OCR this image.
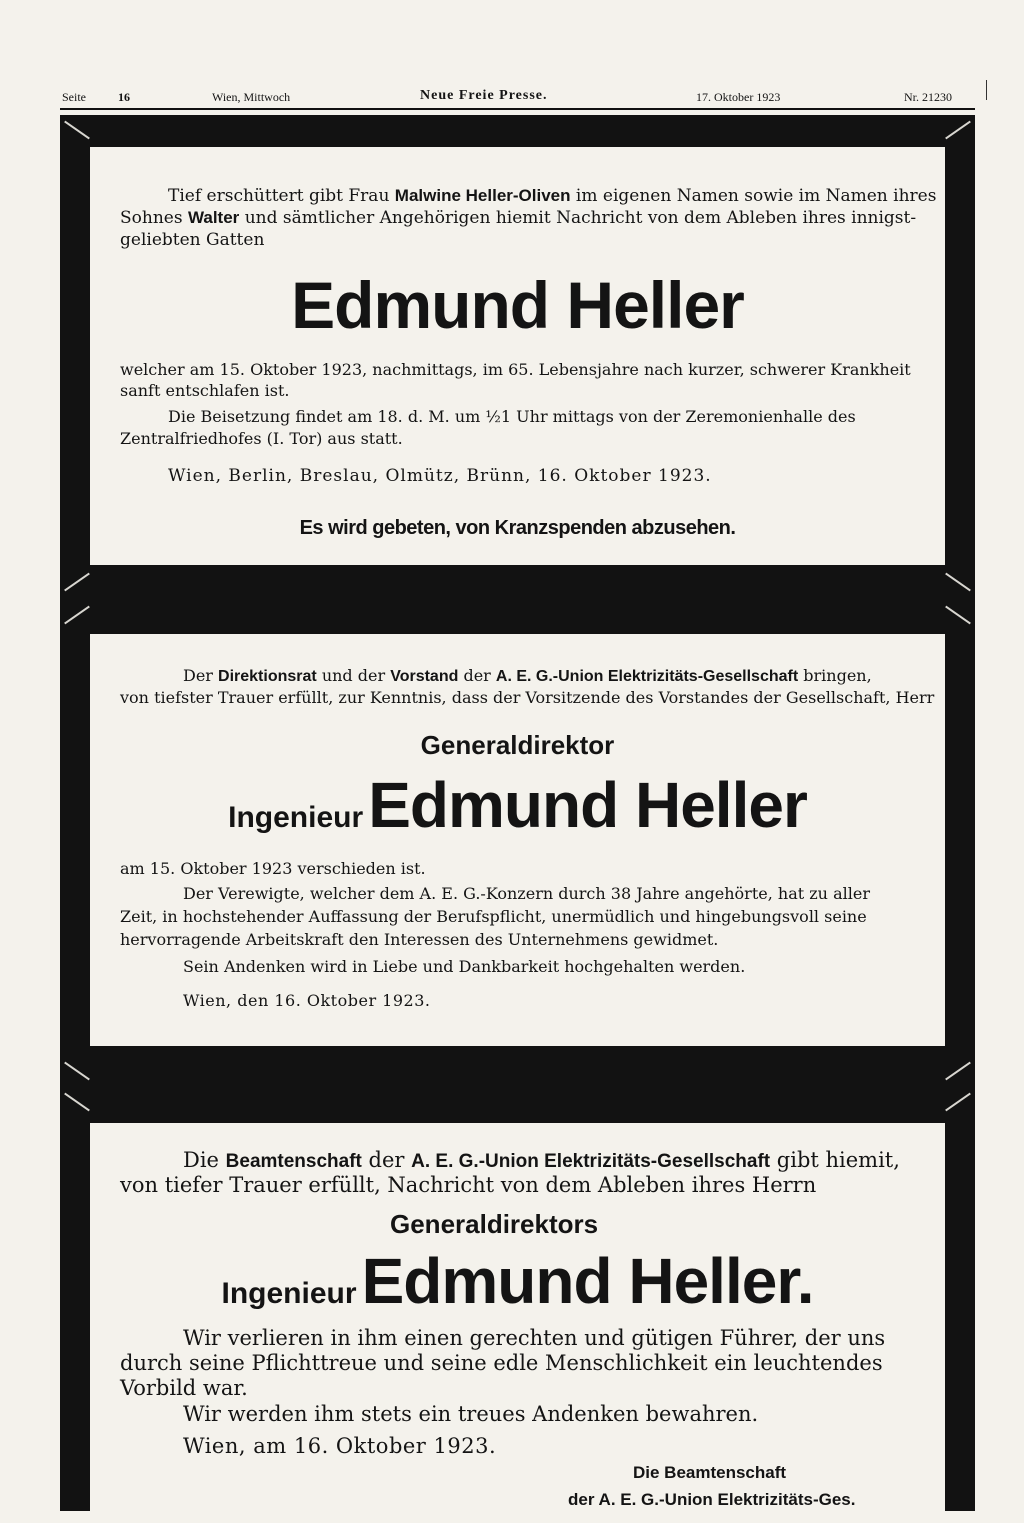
Seite	16	Wien, Mittwoch	Neue Freie Presse.	17. Oktober 1923	Nr. 21230
Tief erschüttert gibt Frau Malwine Heller-Oliven im eigenen Namen sowie im Namen ihres
Sohnes Walter und sämtlicher Angehörigen hiemit Nachricht von dem Ableben ihres innigst-
geliebten Gatten
Edmund Heller
welcher am 15. Oktober 1923, nachmittags, im 65. Lebensjahre nach kurzer, schwerer Krankheit
sanft entschlafen ist.
Die Beisetzung findet am 18. d. M. um ½1 Uhr mittags von der Zeremonienhalle des
Zentralfriedhofes (I. Tor) aus statt.
Wien, Berlin, Breslau, Olmütz, Brünn, 16. Oktober 1923.
Es wird gebeten, von Kranzspenden abzusehen.
Der Direktionsrat und der Vorstand der A. E. G.-Union Elektrizitäts-Gesellschaft bringen,
von tiefster Trauer erfüllt, zur Kenntnis, dass der Vorsitzende des Vorstandes der Gesellschaft, Herr
Generaldirektor
Ingenieur Edmund Heller
am 15. Oktober 1923 verschieden ist.
Der Verewigte, welcher dem A. E. G.-Konzern durch 38 Jahre angehörte, hat zu aller
Zeit, in hochstehender Auffassung der Berufspflicht, unermüdlich und hingebungsvoll seine
hervorragende Arbeitskraft den Interessen des Unternehmens gewidmet.
Sein Andenken wird in Liebe und Dankbarkeit hochgehalten werden.
Wien, den 16. Oktober 1923.
Die Beamtenschaft der A. E. G.-Union Elektrizitäts-Gesellschaft gibt hiemit,
von tiefer Trauer erfüllt, Nachricht von dem Ableben ihres Herrn
Generaldirektors
Ingenieur Edmund Heller.
Wir verlieren in ihm einen gerechten und gütigen Führer, der uns
durch seine Pflichttreue und seine edle Menschlichkeit ein leuchtendes
Vorbild war.
Wir werden ihm stets ein treues Andenken bewahren.
Wien, am 16. Oktober 1923.
Die Beamtenschaft
der A. E. G.-Union Elektrizitäts-Ges.
